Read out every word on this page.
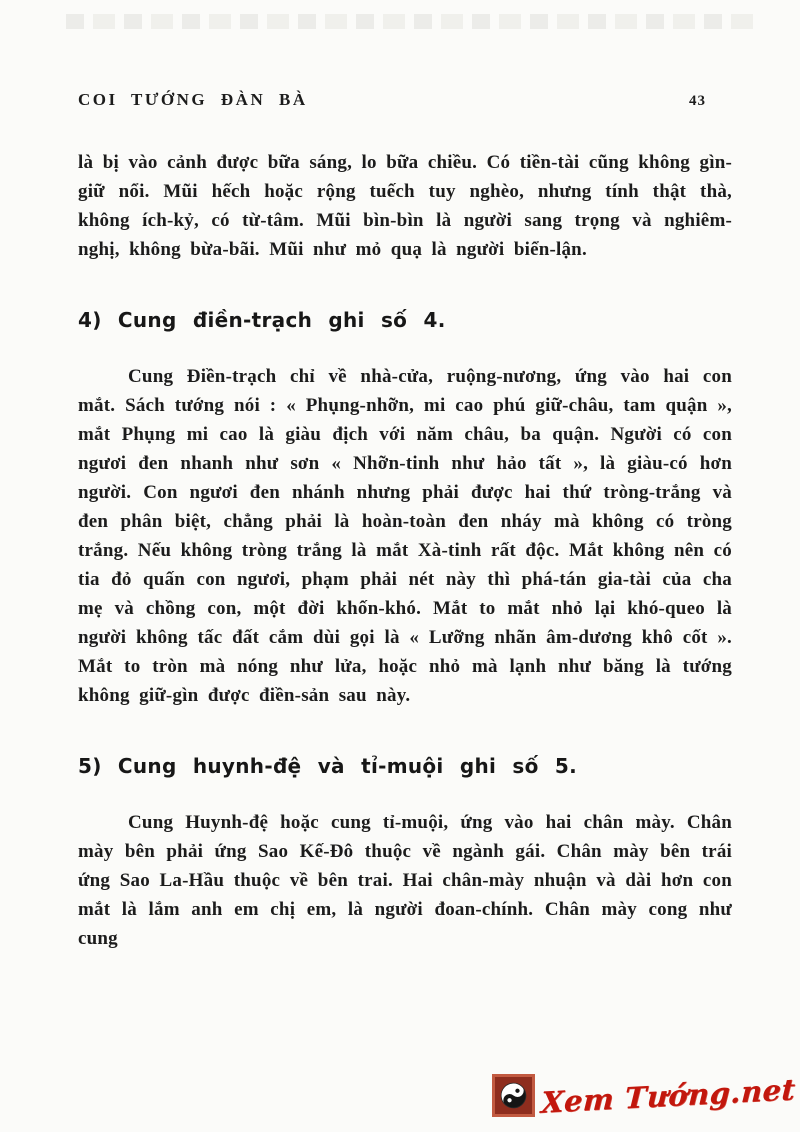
COI TƯỚNG ĐÀN BÀ	43

là bị vào cảnh được bữa sáng, lo bữa chiều. Có tiền-tài cũng không gìn-giữ nổi. Mũi hếch hoặc rộng tuếch tuy nghèo, nhưng tính thật thà, không ích-kỷ, có từ-tâm. Mũi bìn-bìn là người sang trọng và nghiêm-nghị, không bừa-bãi. Mũi như mỏ quạ là người biển-lận.

4) Cung điền-trạch ghi số 4.

Cung Điền-trạch chỉ về nhà-cửa, ruộng-nương, ứng vào hai con mắt. Sách tướng nói : « Phụng-nhỡn, mi cao phú giữ-châu, tam quận », mắt Phụng mi cao là giàu địch với năm châu, ba quận. Người có con ngươi đen nhanh như sơn « Nhỡn-tinh như hảo tất », là giàu-có hơn người. Con ngươi đen nhánh nhưng phải được hai thứ tròng-trắng và đen phân biệt, chẳng phải là hoàn-toàn đen nháy mà không có tròng trắng. Nếu không tròng trắng là mắt Xà-tinh rất độc. Mắt không nên có tia đỏ quấn con ngươi, phạm phải nét này thì phá-tán gia-tài của cha mẹ và chồng con, một đời khốn-khó. Mắt to mắt nhỏ lại khó-queo là người không tấc đất cắm dùi gọi là « Lưỡng nhãn âm-dương khô cốt ». Mắt to tròn mà nóng như lửa, hoặc nhỏ mà lạnh như băng là tướng không giữ-gìn được điền-sản sau này.

5) Cung huynh-đệ và tỉ-muội ghi số 5.

Cung Huynh-đệ hoặc cung tỉ-muội, ứng vào hai chân mày. Chân mày bên phải ứng Sao Kế-Đô thuộc về ngành gái. Chân mày bên trái ứng Sao La-Hầu thuộc về bên trai. Hai chân-mày nhuận và dài hơn con mắt là lắm anh em chị em, là người đoan-chính. Chân mày cong như cung

Xem Tướng.net
